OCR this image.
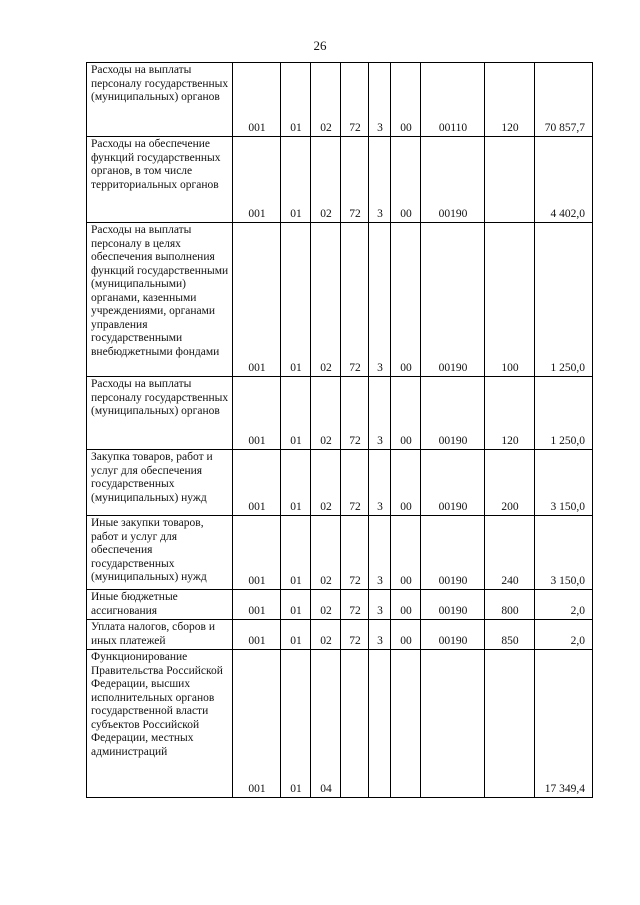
26
Расходы на выплаты персоналу государственных (муниципальных) органов	001	01	02	72	3	00	00110	120	70 857,7
Расходы на обеспечение функций государственных органов, в том числе территориальных органов	001	01	02	72	3	00	00190		4 402,0
Расходы на выплаты персоналу в целях обеспечения выполнения функций государственными (муниципальными) органами, казенными учреждениями, органами управления государственными внебюджетными фондами	001	01	02	72	3	00	00190	100	1 250,0
Расходы на выплаты персоналу государственных (муниципальных) органов	001	01	02	72	3	00	00190	120	1 250,0
Закупка товаров, работ и услуг для обеспечения государственных (муниципальных) нужд	001	01	02	72	3	00	00190	200	3 150,0
Иные закупки товаров, работ и услуг для обеспечения государственных (муниципальных) нужд	001	01	02	72	3	00	00190	240	3 150,0
Иные бюджетные ассигнования	001	01	02	72	3	00	00190	800	2,0
Уплата налогов, сборов и иных платежей	001	01	02	72	3	00	00190	850	2,0
Функционирование Правительства Российской Федерации, высших исполнительных органов государственной власти субъектов Российской Федерации, местных администраций	001	01	04						17 349,4
